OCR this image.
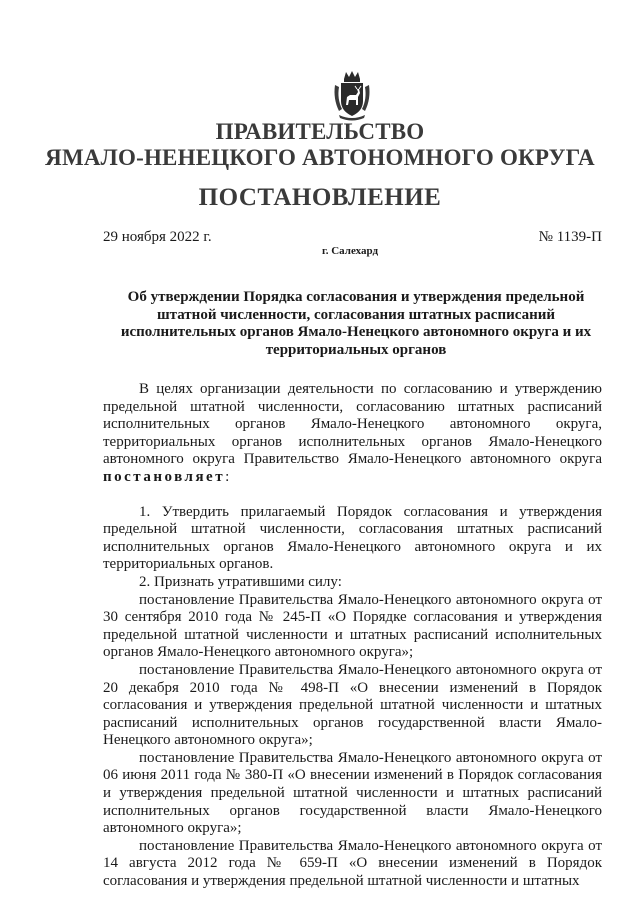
ПРАВИТЕЛЬСТВО
ЯМАЛО-НЕНЕЦКОГО АВТОНОМНОГО ОКРУГА
ПОСТАНОВЛЕНИЕ
29 ноября 2022 г.	№ 1139-П
г. Салехард
Об утверждении Порядка согласования и утверждения предельной штатной численности, согласования штатных расписаний исполнительных органов Ямало-Ненецкого автономного округа и их территориальных органов

В целях организации деятельности по согласованию и утверждению предельной штатной численности, согласованию штатных расписаний исполнительных органов Ямало-Ненецкого автономного округа, территориальных органов исполнительных органов Ямало-Ненецкого автономного округа Правительство Ямало-Ненецкого автономного округа постановляет:

1. Утвердить прилагаемый Порядок согласования и утверждения предельной штатной численности, согласования штатных расписаний исполнительных органов Ямало-Ненецкого автономного округа и их территориальных органов.

2. Признать утратившими силу:

постановление Правительства Ямало-Ненецкого автономного округа от 30 сентября 2010 года № 245-П «О Порядке согласования и утверждения предельной штатной численности и штатных расписаний исполнительных органов Ямало-Ненецкого автономного округа»;

постановление Правительства Ямало-Ненецкого автономного округа от 20 декабря 2010 года № 498-П «О внесении изменений в Порядок согласования и утверждения предельной штатной численности и штатных расписаний исполнительных органов государственной власти Ямало-Ненецкого автономного округа»;

постановление Правительства Ямало-Ненецкого автономного округа от 06 июня 2011 года № 380-П «О внесении изменений в Порядок согласования и утверждения предельной штатной численности и штатных расписаний исполнительных органов государственной власти Ямало-Ненецкого автономного округа»;

постановление Правительства Ямало-Ненецкого автономного округа от 14 августа 2012 года № 659-П «О внесении изменений в Порядок согласования и утверждения предельной штатной численности и штатных
